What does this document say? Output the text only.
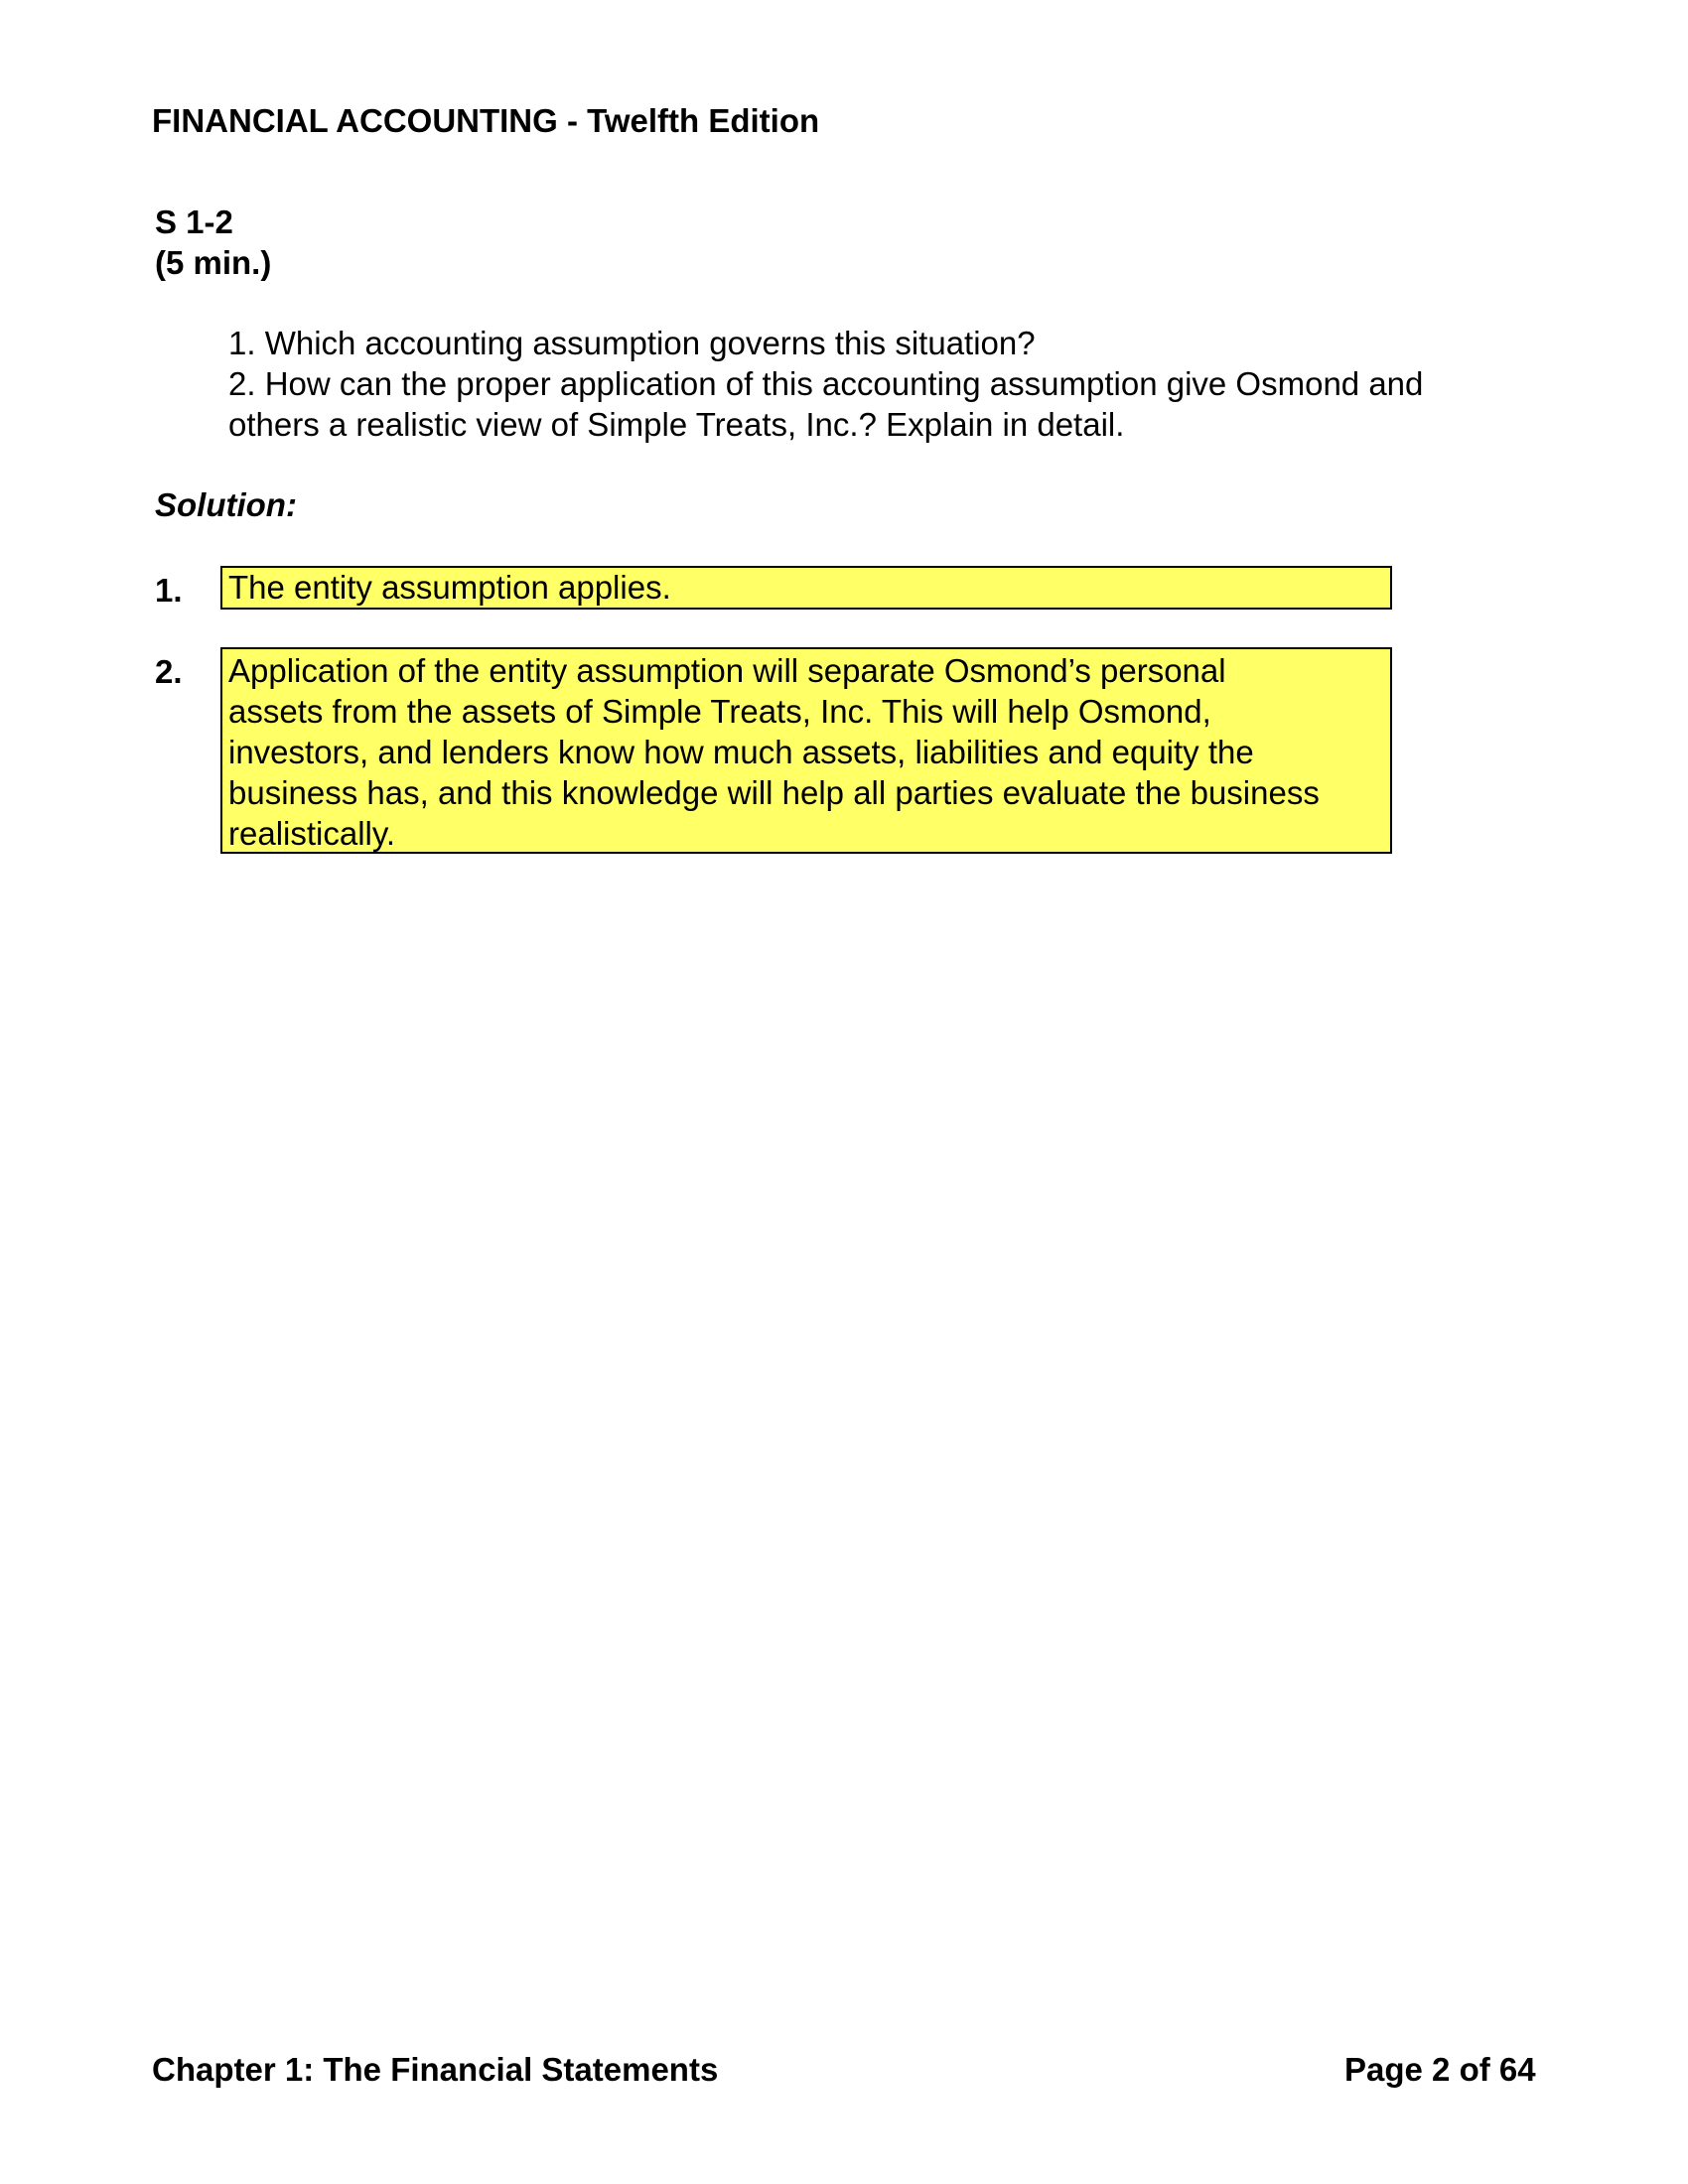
FINANCIAL ACCOUNTING - Twelfth Edition
S 1-2
(5 min.)
1. Which accounting assumption governs this situation?
2. How can the proper application of this accounting assumption give Osmond and
others a realistic view of Simple Treats, Inc.? Explain in detail.
Solution:
1. The entity assumption applies.
2. Application of the entity assumption will separate Osmond’s personal
assets from the assets of Simple Treats, Inc. This will help Osmond,
investors, and lenders know how much assets, liabilities and equity the
business has, and this knowledge will help all parties evaluate the business
realistically.
Chapter 1: The Financial Statements	Page 2 of 64
